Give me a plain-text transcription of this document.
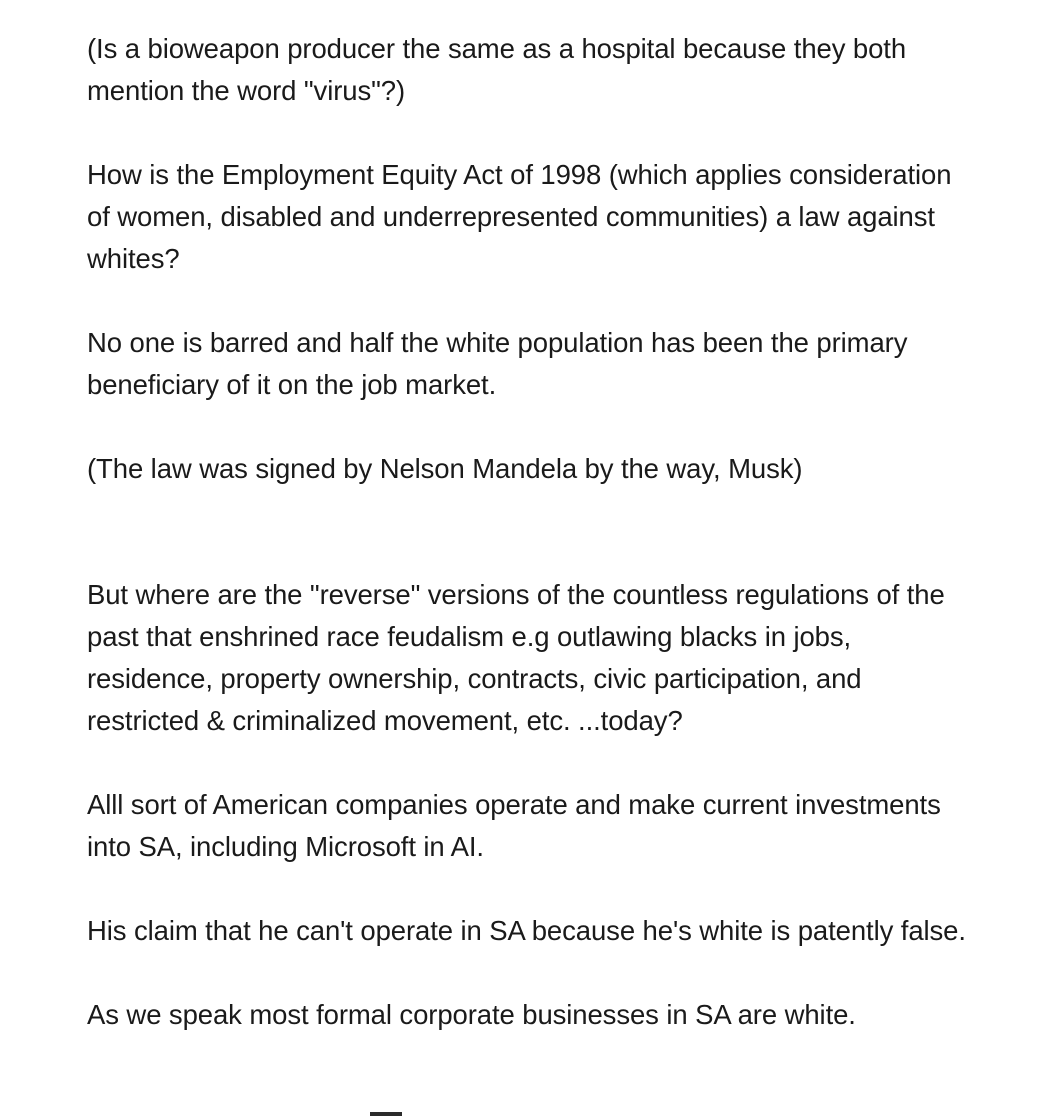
(Is a bioweapon producer the same as a hospital because they both mention the word "virus"?)

How is the Employment Equity Act of 1998 (which applies consideration of women, disabled and underrepresented communities) a law against whites?

No one is barred and half the white population has been the primary beneficiary of it on the job market.

(The law was signed by Nelson Mandela by the way, Musk)

But where are the "reverse" versions of the countless regulations of the past that enshrined race feudalism e.g outlawing blacks in jobs, residence, property ownership, contracts, civic participation, and restricted & criminalized movement, etc. ...today?

Alll sort of American companies operate and make current investments into SA, including Microsoft in AI.

His claim that he can't operate in SA because he's white is patently false.

As we speak most formal corporate businesses in SA are white.
